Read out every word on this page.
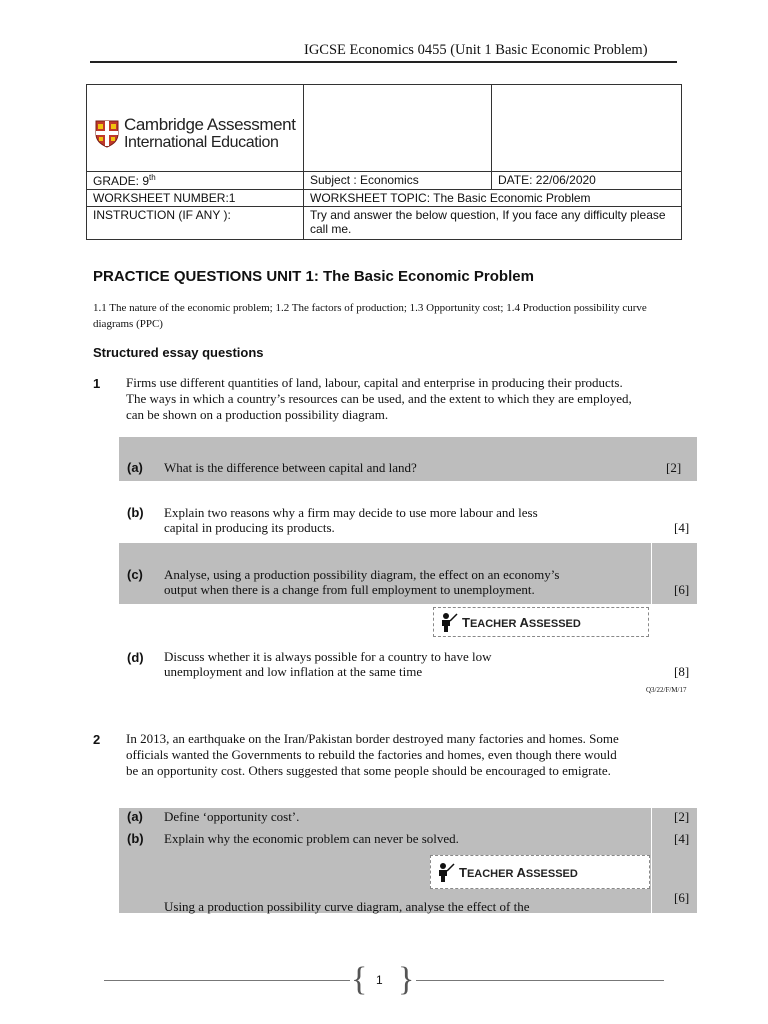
IGCSE Economics 0455 (Unit 1 Basic Economic Problem)

GRADE: 9th	Subject : Economics	DATE: 22/06/2020
WORKSHEET NUMBER:1	WORKSHEET TOPIC: The Basic Economic Problem	
INSTRUCTION (IF ANY ):	Try and answer the below question, If you face any difficulty please call me.	
Cambridge Assessment
International Education
PRACTICE QUESTIONS UNIT 1: The Basic Economic Problem
1.1 The nature of the economic problem; 1.2 The factors of production; 1.3 Opportunity cost; 1.4 Production possibility curve diagrams (PPC)
Structured essay questions
1 Firms use different quantities of land, labour, capital and enterprise in producing their products. The ways in which a country’s resources can be used, and the extent to which they are employed, can be shown on a production possibility diagram.
(a) What is the difference between capital and land?	[2]
(b) Explain two reasons why a firm may decide to use more labour and less
capital in producing its products.	[4]
(c) Analyse, using a production possibility diagram, the effect on an economy’s
output when there is a change from full employment to unemployment.	[6]
TEACHER ASSESSED
(d) Discuss whether it is always possible for a country to have low
unemployment and low inflation at the same time	[8]
Q3/22/F/M/17
2 In 2013, an earthquake on the Iran/Pakistan border destroyed many factories and homes. Some officials wanted the Governments to rebuild the factories and homes, even though there would be an opportunity cost. Others suggested that some people should be encouraged to emigrate.
(a) Define ‘opportunity cost’.	[2]
(b) Explain why the economic problem can never be solved.	[4]
TEACHER ASSESSED
Using a production possibility curve diagram, analyse the effect of the
[6]
{ }
1
